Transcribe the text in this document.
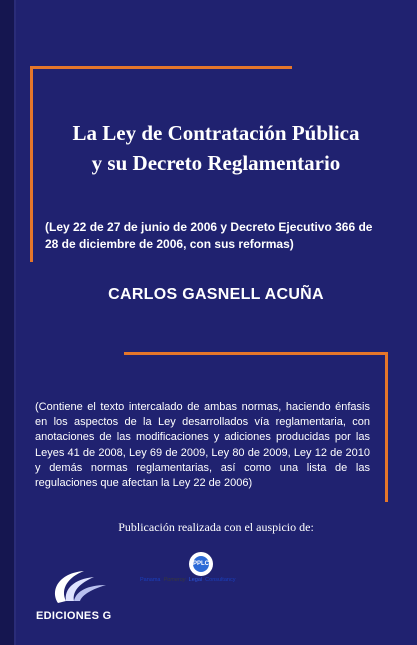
La Ley de Contratación Pública
y su Decreto Reglamentario
(Ley 22 de 27 de junio de 2006 y Decreto Ejecutivo 366 de 28 de diciembre de 2006, con sus reformas)
CARLOS GASNELL ACUÑA
(Contiene el texto intercalado de ambas normas, haciendo énfasis en los aspectos de la Ley desarrollados vía reglamentaria, con anotaciones de las modificaciones y adiciones producidas por las Leyes 41 de 2008, Ley 69 de 2009, Ley 80 de 2009, Ley 12 de 2010 y demás normas reglamentarias, así como una lista de las regulaciones que afectan la Ley 22 de 2006)
Publicación realizada con el auspicio de:
PPLC
Panama Pomeroy Legal Consultancy
EDICIONES G
